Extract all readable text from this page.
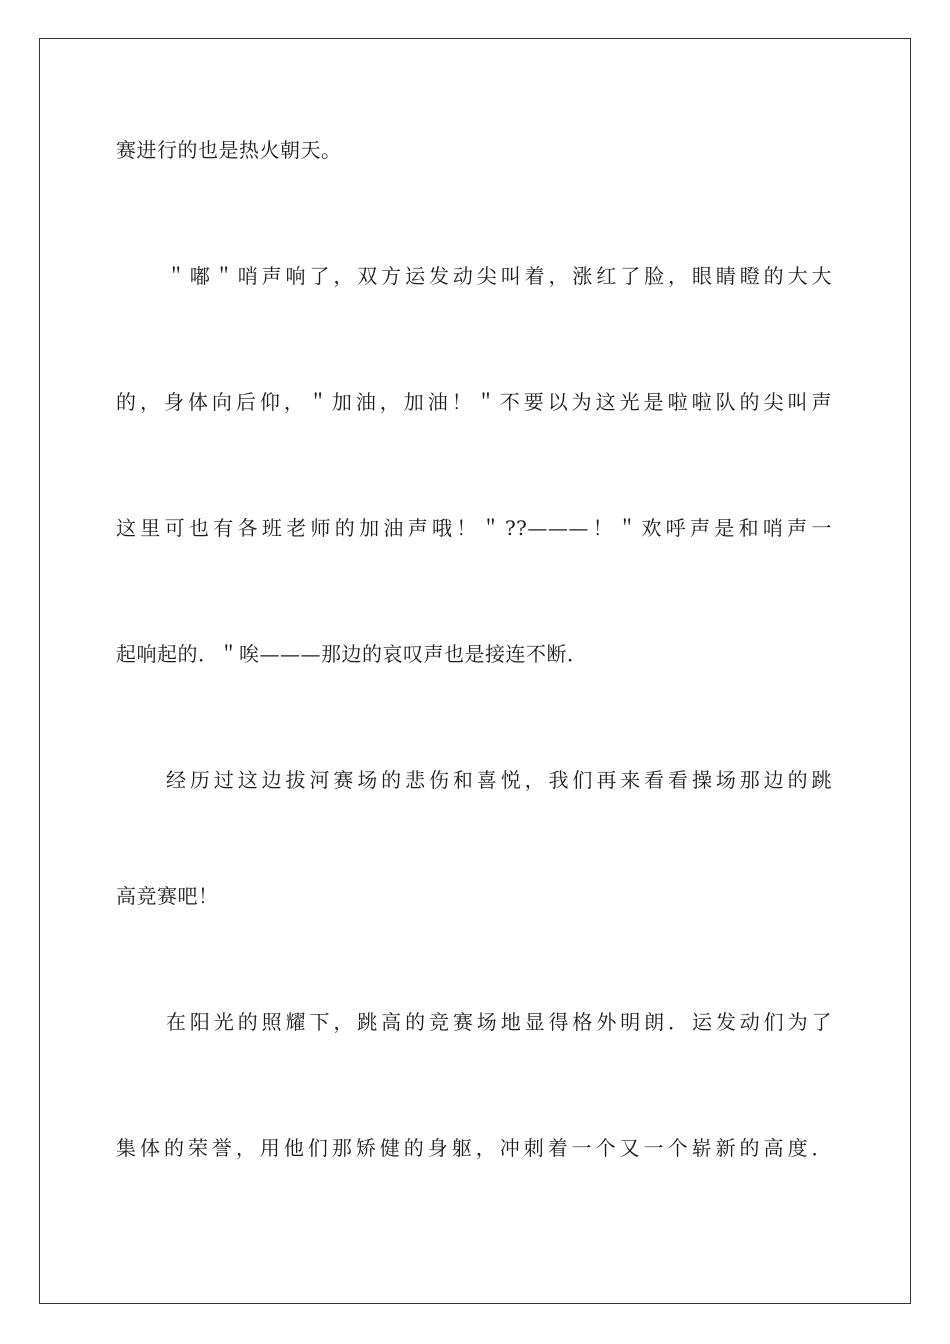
赛进行的也是热火朝天。
＂嘟＂哨声响了，双方运发动尖叫着，涨红了脸，眼睛瞪的大大
的，身体向后仰，＂加油，加油！＂不要以为这光是啦啦队的尖叫声
这里可也有各班老师的加油声哦！＂??———！＂欢呼声是和哨声一
起响起的．＂唉———那边的哀叹声也是接连不断．
经历过这边拔河赛场的悲伤和喜悦，我们再来看看操场那边的跳
高竞赛吧！
在阳光的照耀下，跳高的竞赛场地显得格外明朗．运发动们为了
集体的荣誉，用他们那矫健的身躯，冲刺着一个又一个崭新的高度．
